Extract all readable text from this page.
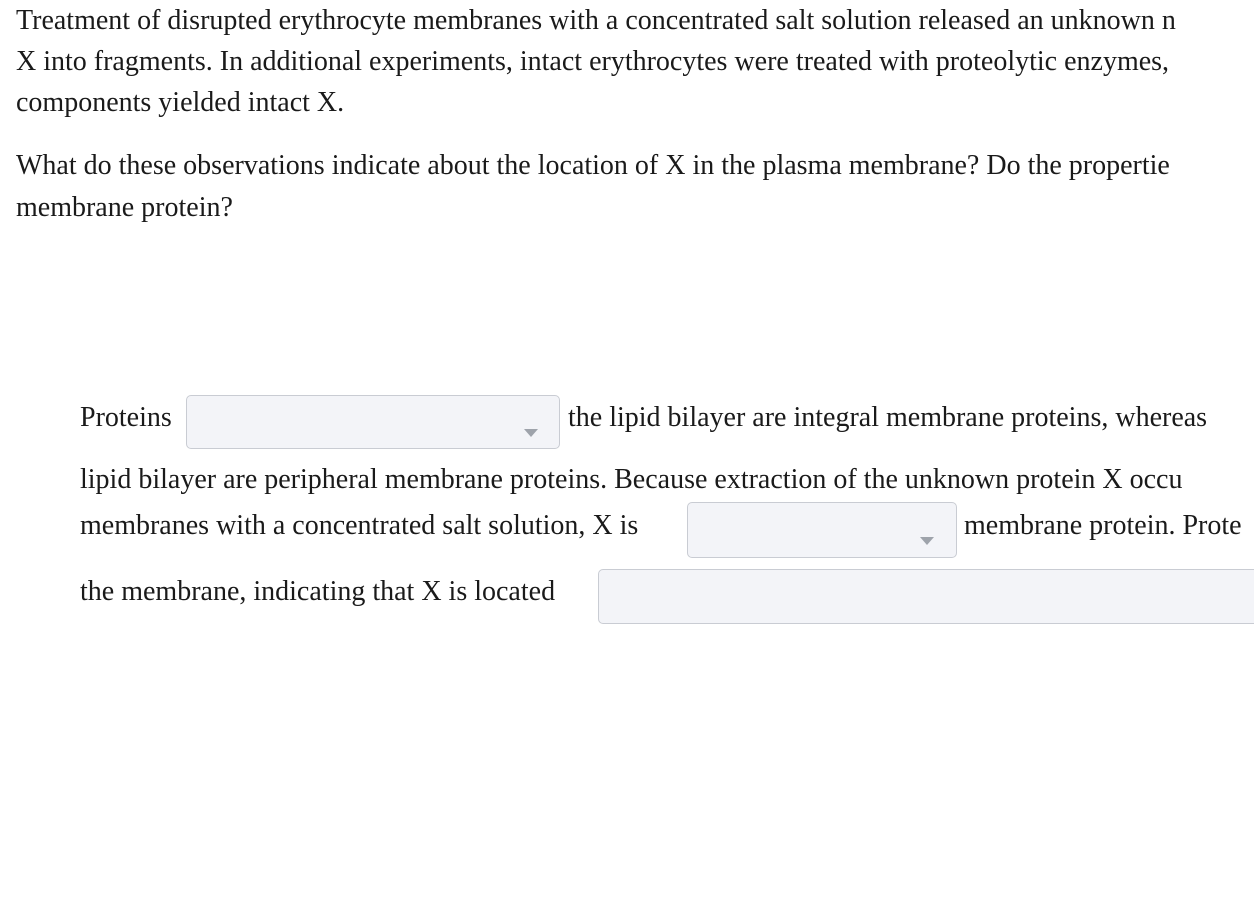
Treatment of disrupted erythrocyte membranes with a concentrated salt solution released an unknown n
X into fragments. In additional experiments, intact erythrocytes were treated with proteolytic enzymes,
components yielded intact X.
What do these observations indicate about the location of X in the plasma membrane? Do the propertie
membrane protein?
Proteins	the lipid bilayer are integral membrane proteins, whereas
lipid bilayer are peripheral membrane proteins. Because extraction of the unknown protein X occu
membranes with a concentrated salt solution, X is	membrane protein. Prote
the membrane, indicating that X is located
